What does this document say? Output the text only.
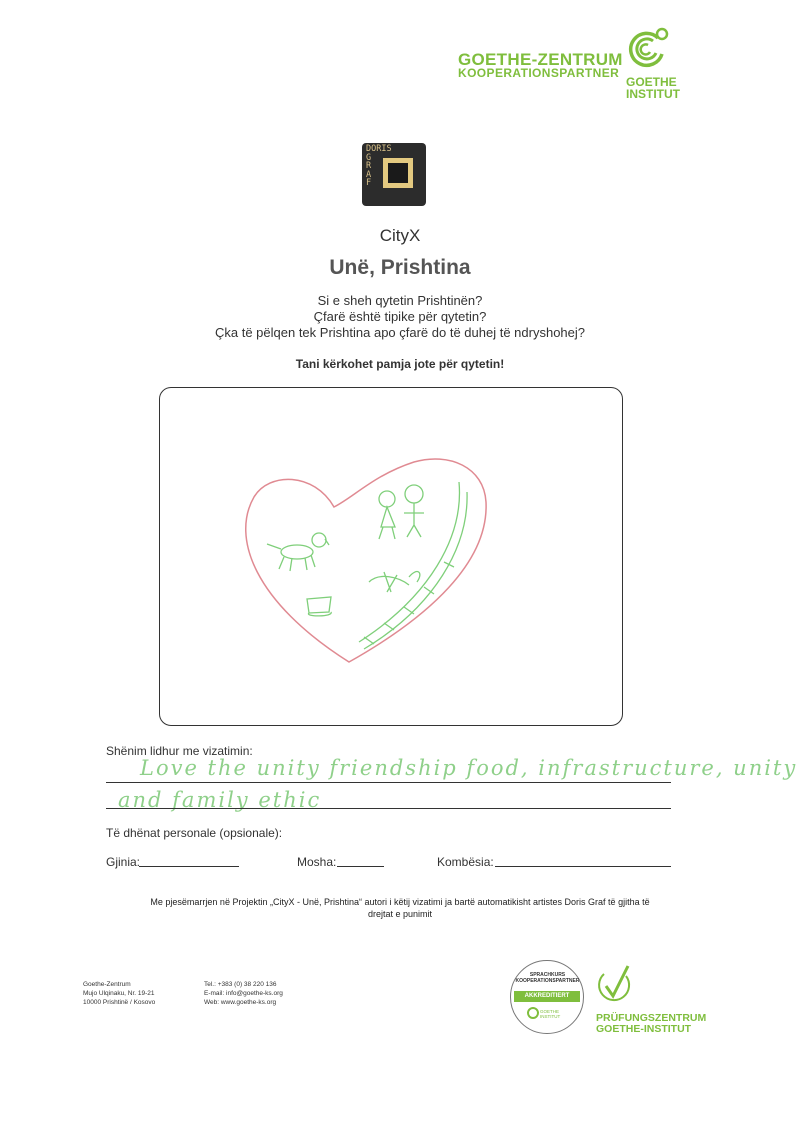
GOETHE-ZENTRUM
KOOPERATIONSPARTNER
GOETHE
INSTITUT
DORIS
G
R
A
F
CityX
Unë, Prishtina
Si e sheh qytetin Prishtinën?
Çfarë është tipike për qytetin?
Çka të pëlqen tek Prishtina apo çfarë do të duhej të ndryshohej?
Tani kërkohet pamja jote për qytetin!
Shënim lidhur me vizatimin:
Love the unity friendship food, infrastructure, unity
and family ethic
Të dhënat personale (opsionale):
Gjinia:	Mosha:	Kombësia:
Me pjesëmarrjen në Projektin „CityX - Unë, Prishtina“ autori i këtij vizatimi ja bartë automatikisht artistes Doris Graf të gjitha të
drejtat e punimit
Goethe-Zentrum
Mujo Ulqinaku, Nr. 19-21
10000 Prishtinë / Kosovo
Tel.: +383 (0) 38 220 136
E-mail: info@goethe-ks.org
Web: www.goethe-ks.org
SPRACHKURS
KOOPERATIONSPARTNER
AKKREDITIERT
GOETHE
INSTITUT	PRÜFUNGSZENTRUM
GOETHE-INSTITUT
